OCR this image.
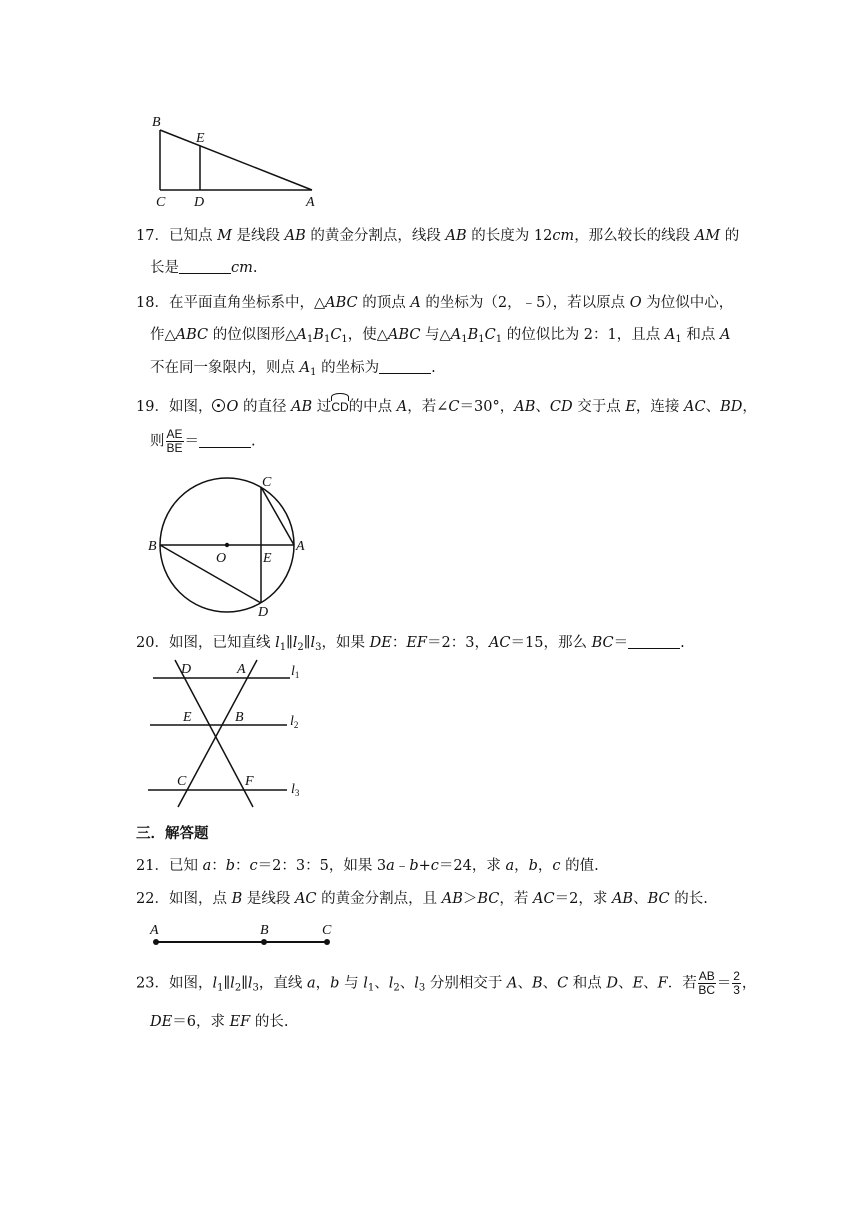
B
E
C D	A
17．已知点 M 是线段 AB 的黄金分割点，线段 AB 的长度为 12cm，那么较长的线段 AM 的
长是	cm.
18．在平面直角坐标系中，△ABC 的顶点 A 的坐标为（2，﹣5），若以原点 O 为位似中心，
作△ABC 的位似图形$\triangle A_1B_1C_1$，使△ABC 与$\triangle A_1B_1C_1$ 的位似比为 2：1，且点 $A_1$ 和点 A
不在同一象限内，则点 $A_1$ 的坐标为	.
19．如图， O 的直径 AB 过CD的中点 A，若∠C＝30°，AB、CD 交于点 E，连接 AC、BD，
则 $\frac{AE}{BE}$ ＝	.
C
B
O	E
A
D
20．如图，已知直线 $l_1\parallel l_2\parallel l_3$，如果 DE：EF＝2：3，AC＝15，那么 BC＝	.
D	A	$l_1$
E	B	$l_2$
C	F
$l_3$
三．解答题
21．已知 a：b：c＝2：3：5，如果 3a﹣b+c＝24，求 a，b，c 的值.
22．如图，点 B 是线段 AC 的黄金分割点，且 AB＞BC，若 AC＝2，求 AB、BC 的长.
A	B	C
23．如图，$l_1\parallel l_2\parallel l_3$，直线 a，b 与 $l_1$、$l_2$、$l_3$ 分别相交于 A、B、C 和点 D、E、F．若 $\frac{AB}{BC} = \frac{2}{3}$ ，
DE＝6，求 EF 的长.
